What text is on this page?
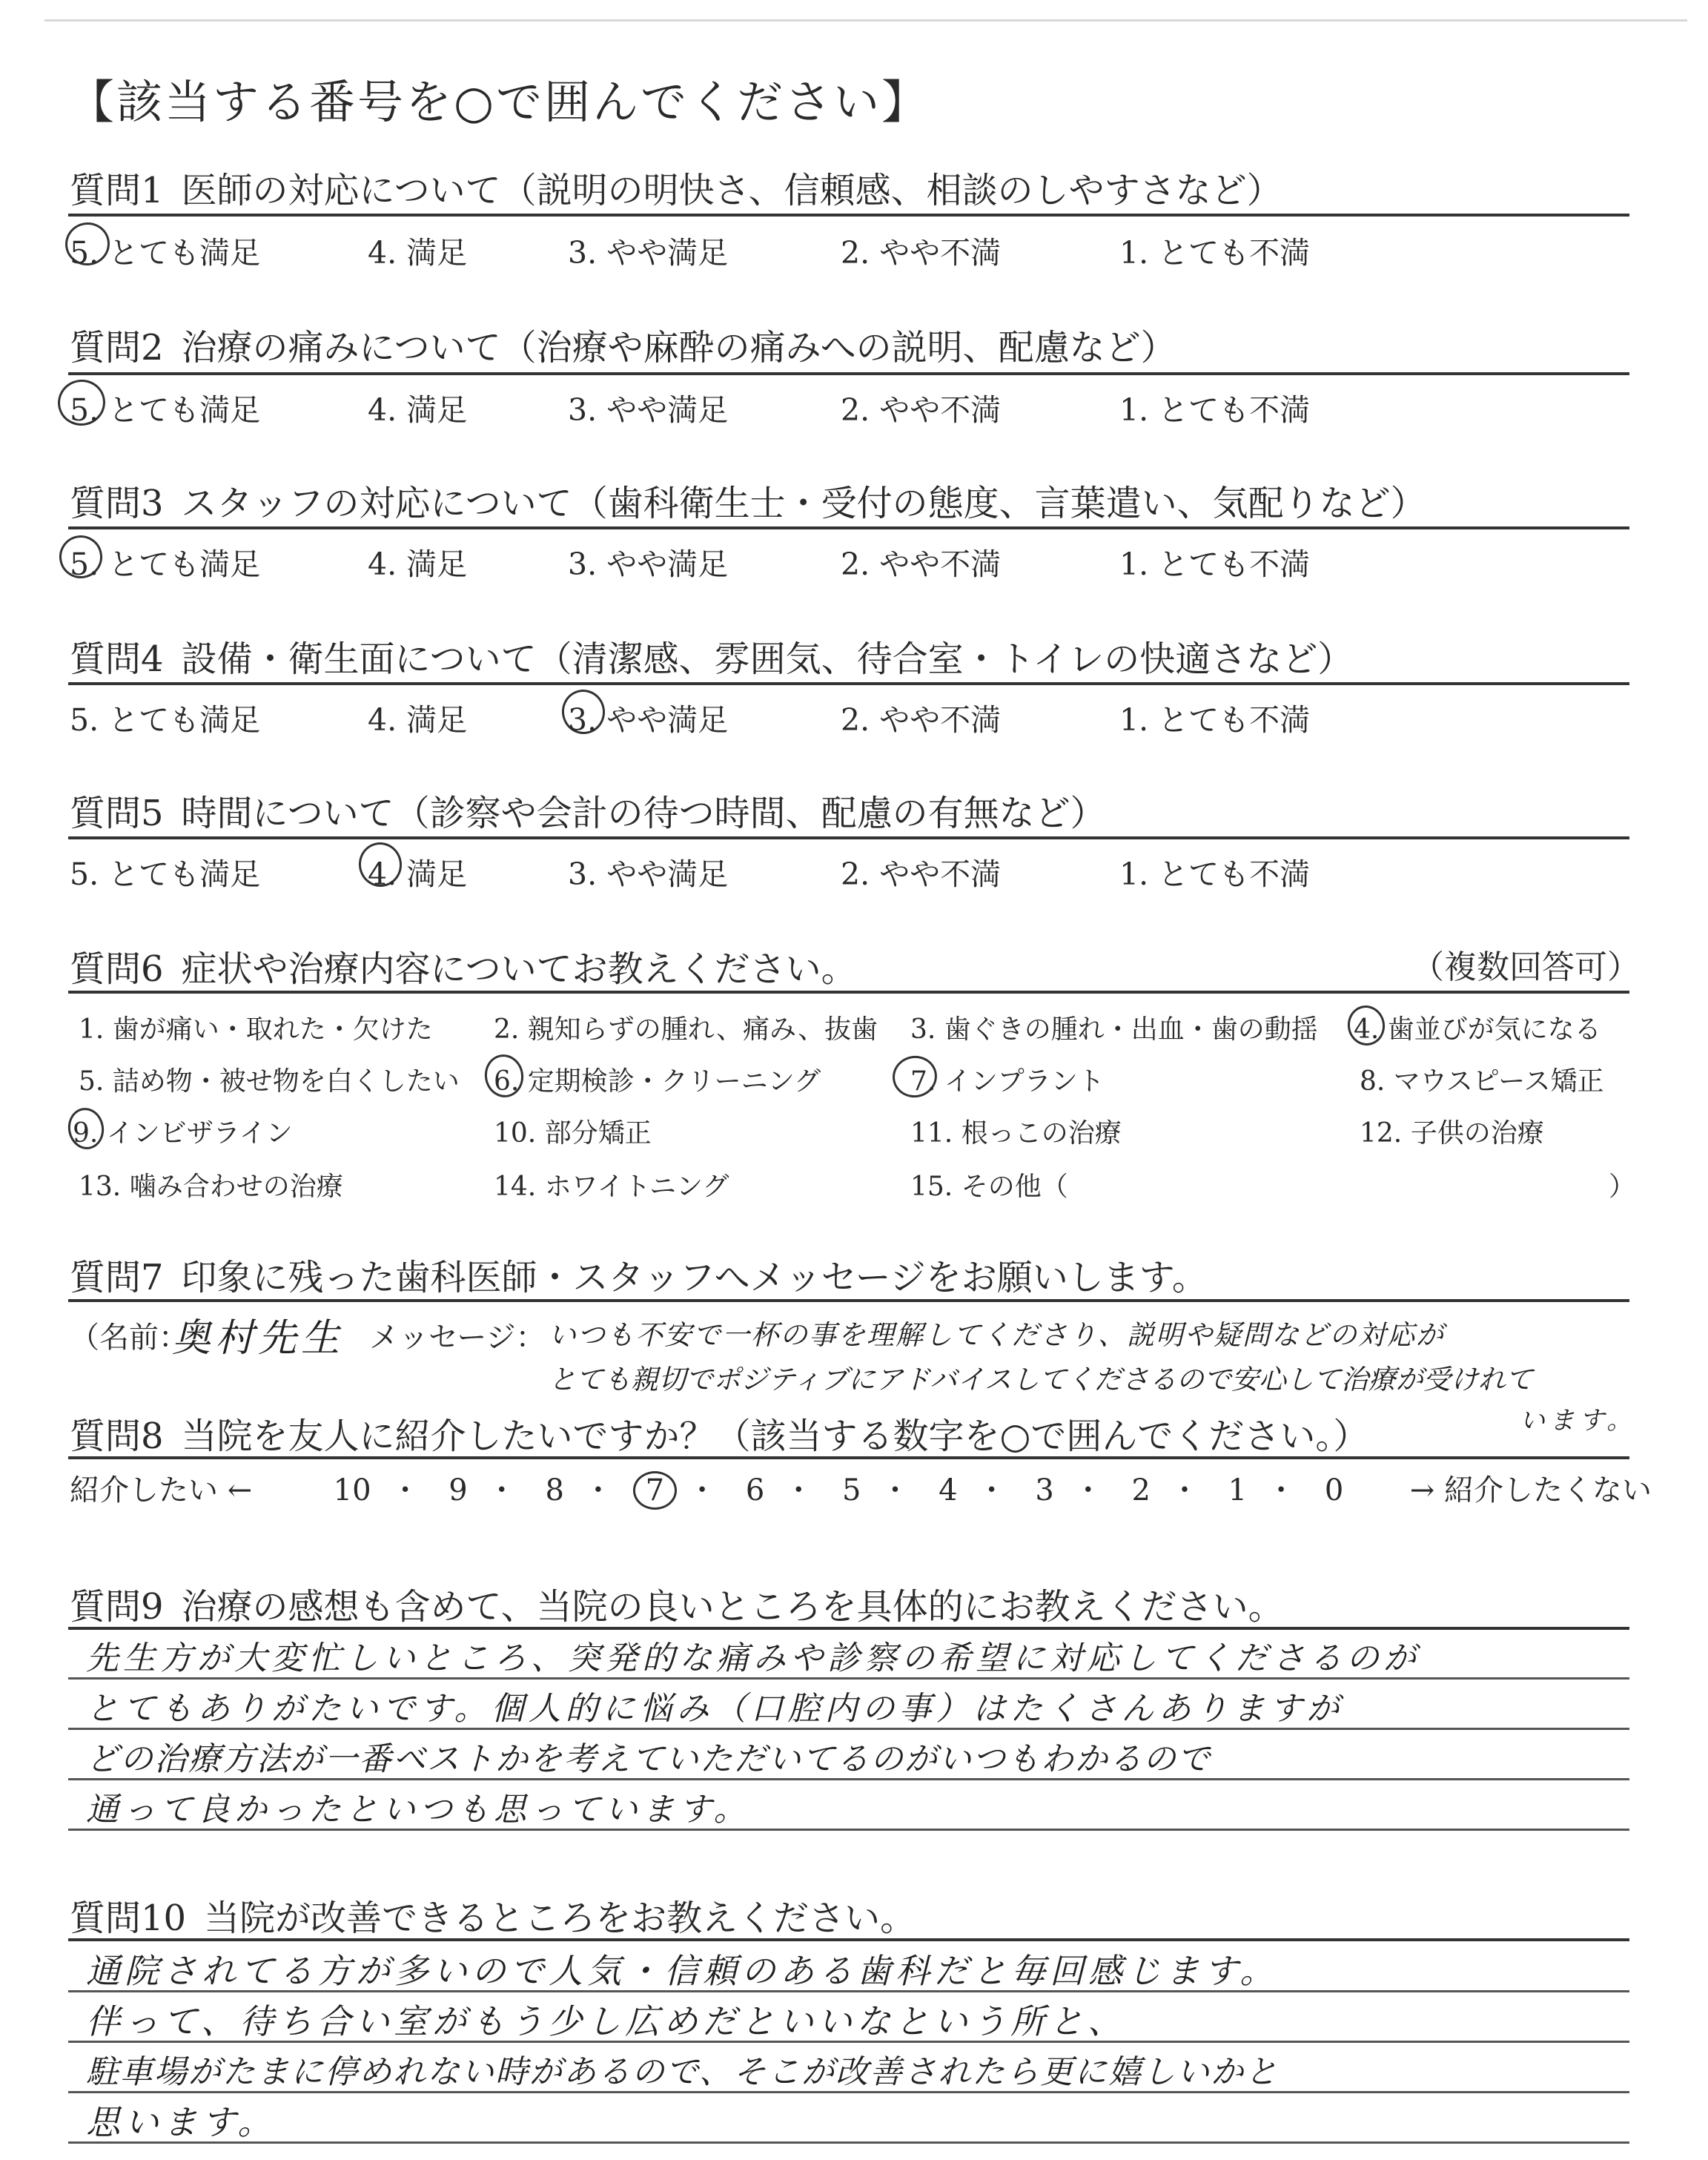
【該当する番号を○で囲んでください】
質問1 医師の対応について（説明の明快さ、信頼感、相談のしやすさなど）
5. とても満足	4. 満足	3. やや満足	2. やや不満	1. とても不満
質問2 治療の痛みについて（治療や麻酔の痛みへの説明、配慮など）
5. とても満足	4. 満足	3. やや満足	2. やや不満	1. とても不満
質問3 スタッフの対応について（歯科衛生士・受付の態度、言葉遣い、気配りなど）
5. とても満足	4. 満足	3. やや満足	2. やや不満	1. とても不満
質問4 設備・衛生面について（清潔感、雰囲気、待合室・トイレの快適さなど）
5. とても満足	4. 満足	3. やや満足	2. やや不満	1. とても不満
質問5 時間について（診察や会計の待つ時間、配慮の有無など）
5. とても満足	4. 満足	3. やや満足	2. やや不満	1. とても不満
質問6 症状や治療内容についてお教えください。	（複数回答可）
1. 歯が痛い・取れた・欠けた 2. 親知らずの腫れ、痛み、抜歯 3. 歯ぐきの腫れ・出血・歯の動揺 4. 歯並びが気になる
5. 詰め物・被せ物を白くしたい 6. 定期検診・クリーニング	7. インプラント	8. マウスピース矯正
9. インビザライン	10. 部分矯正	11. 根っこの治療	12. 子供の治療
13. 噛み合わせの治療	14. ホワイトニング	15. その他（	）
質問7 印象に残った歯科医師・スタッフへメッセージをお願いします。
（名前：
奥村先生 メッセージ： いつも不安で一杯の事を理解してくださり、説明や疑問などの対応が
とても親切でポジティブにアドバイスしてくださるので安心して治療が受けれて
質問8 当院を友人に紹介したいですか？（該当する数字を○で囲んでください。）	います。
紹介したい ←	10 ・ 9 ・ 8 ・ 7 ・ 6 ・ 5 ・ 4 ・ 3 ・ 2 ・ 1 ・ 0 → 紹介したくない
質問9 治療の感想も含めて、当院の良いところを具体的にお教えください。
先生方が大変忙しいところ、突発的な痛みや診察の希望に対応してくださるのが
とてもありがたいです。個人的に悩み（口腔内の事）はたくさんありますが
どの治療方法が一番ベストかを考えていただいてるのがいつもわかるので
通って良かったといつも思っています。
質問10 当院が改善できるところをお教えください。
通院されてる方が多いので人気・信頼のある歯科だと毎回感じます。
伴って、待ち合い室がもう少し広めだといいなという所と、
駐車場がたまに停めれない時があるので、そこが改善されたら更に嬉しいかと
思います。
